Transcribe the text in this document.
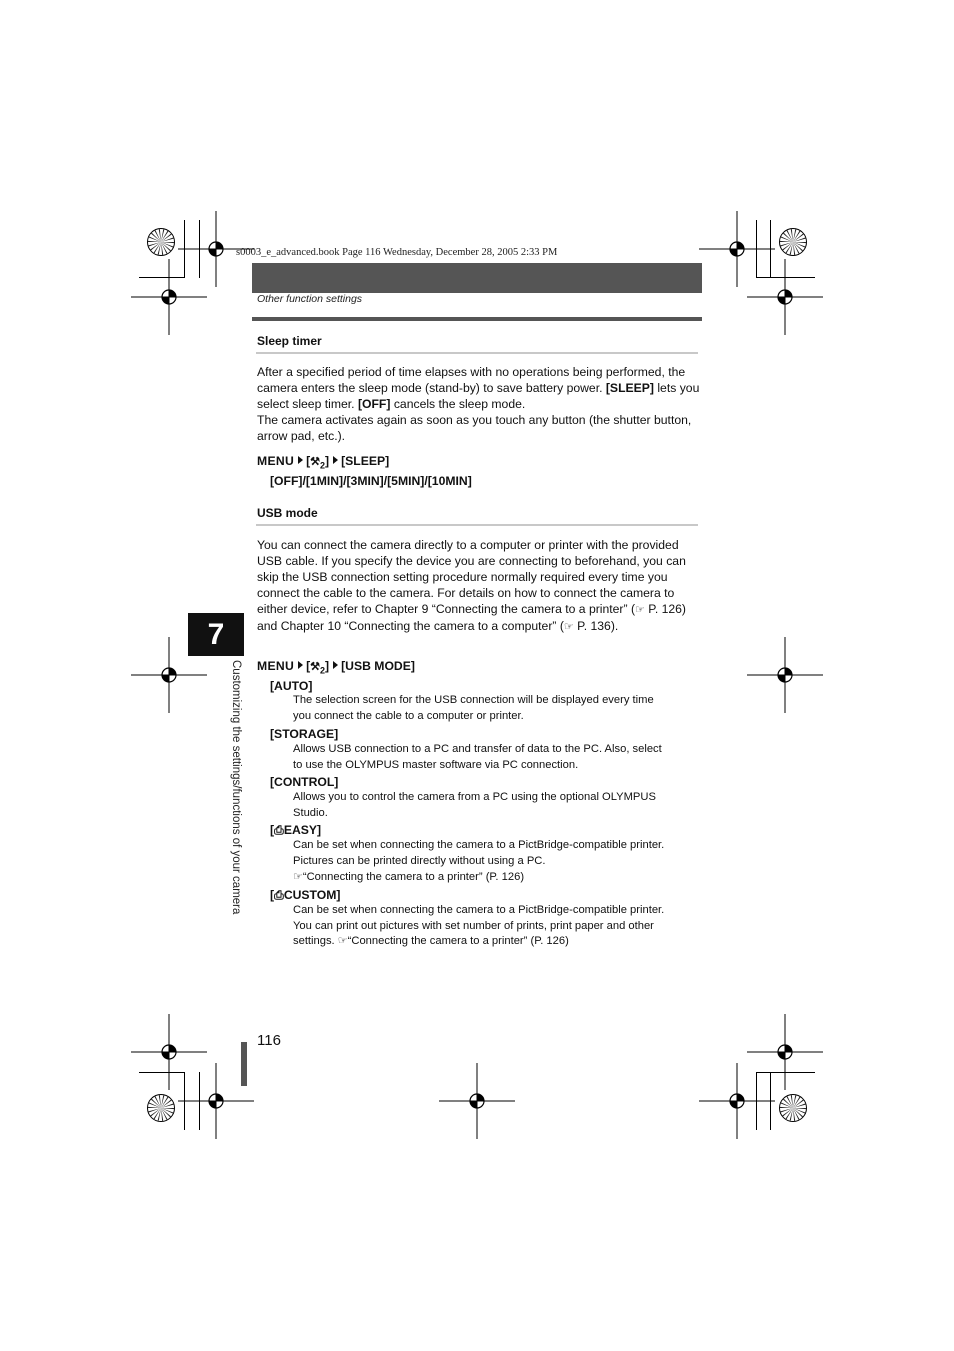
s0003_e_advanced.book Page 116 Wednesday, December 28, 2005 2:33 PM
Other function settings
Sleep timer

After a specified period of time elapses with no operations being performed, the camera enters the sleep mode (stand-by) to save battery power. [SLEEP] lets you select sleep timer. [OFF] cancels the sleep mode.

The camera activates again as soon as you touch any button (the shutter button, arrow pad, etc.).

MENU $[⚒_2]$ [SLEEP]
[OFF]/[1MIN]/[3MIN]/[5MIN]/[10MIN]
USB mode

You can connect the camera directly to a computer or printer with the provided USB cable. If you specify the device you are connecting to beforehand, you can skip the USB connection setting procedure normally required every time you connect the cable to the camera. For details on how to connect the camera to either device, refer to Chapter 9 “Connecting the camera to a printer” (☞ P. 126) and Chapter 10 “Connecting the camera to a computer” (☞ P. 136).

MENU $[⚒_2]$ [USB MODE]
[AUTO]

The selection screen for the USB connection will be displayed every time

you connect the cable to a computer or printer.

[STORAGE]

Allows USB connection to a PC and transfer of data to the PC. Also, select

to use the OLYMPUS master software via PC connection.

[CONTROL]

Allows you to control the camera from a PC using the optional OLYMPUS

Studio.

[⎙EASY]

Can be set when connecting the camera to a PictBridge-compatible printer.

Pictures can be printed directly without using a PC.

☞“Connecting the camera to a printer” (P. 126)

[⎙CUSTOM]

Can be set when connecting the camera to a PictBridge-compatible printer.

You can print out pictures with set number of prints, print paper and other

settings. ☞“Connecting the camera to a printer” (P. 126)

7
Customizing the settings/functions of your camera
116
